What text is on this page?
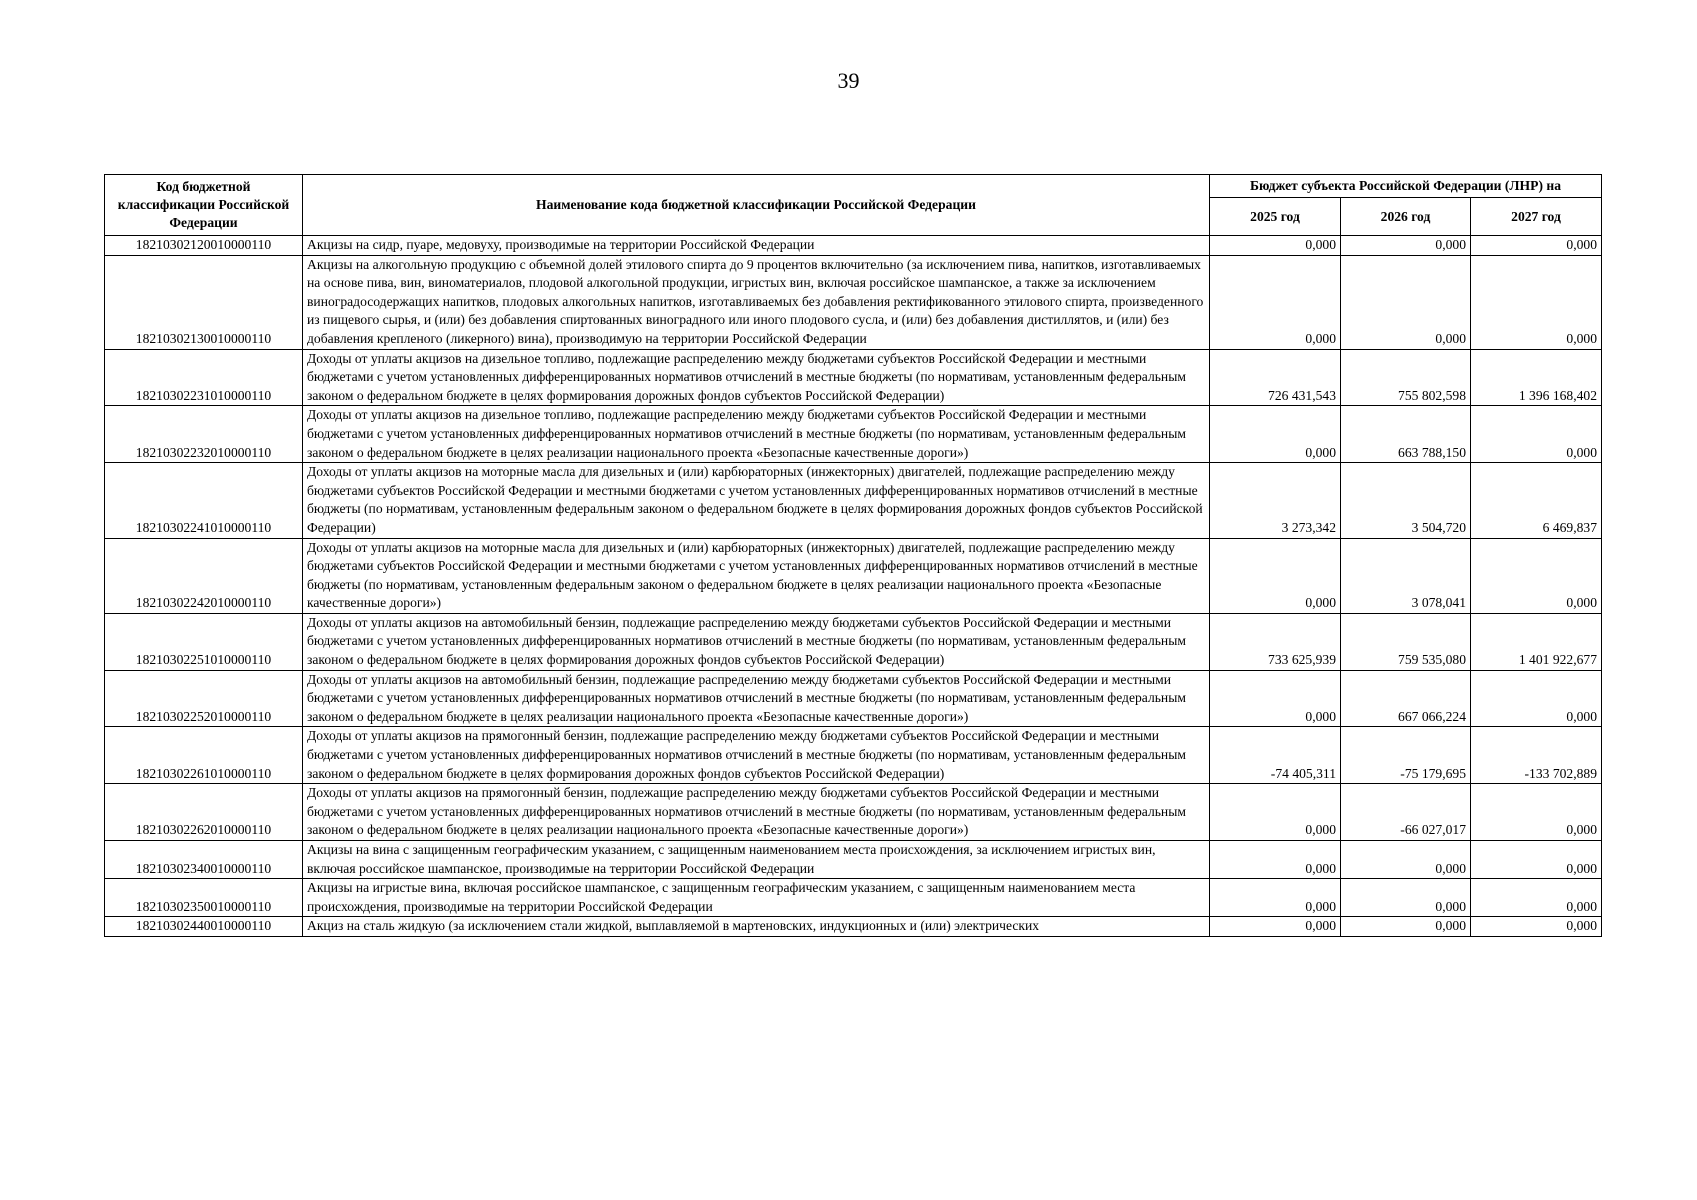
39
Код бюджетной классификации Российской Федерации	Наименование кода бюджетной классификации Российской Федерации	Бюджет субъекта Российской Федерации (ЛНР) на		
		2025 год	2026 год	2027 год
18210302120010000110	Акцизы на сидр, пуаре, медовуху, производимые на территории Российской Федерации	0,000	0,000	0,000
18210302130010000110	Акцизы на алкогольную продукцию с объемной долей этилового спирта до 9 процентов включительно (за исключением пива, напитков, изготавливаемых на основе пива, вин, виноматериалов, плодовой алкогольной продукции, игристых вин, включая российское шампанское, а также за исключением виноградосодержащих напитков, плодовых алкогольных напитков, изготавливаемых без добавления ректификованного этилового спирта, произведенного из пищевого сырья, и (или) без добавления спиртованных виноградного или иного плодового сусла, и (или) без добавления дистиллятов, и (или) без добавления крепленого (ликерного) вина), производимую на территории Российской Федерации	0,000	0,000	0,000
18210302231010000110	Доходы от уплаты акцизов на дизельное топливо, подлежащие распределению между бюджетами субъектов Российской Федерации и местными бюджетами с учетом установленных дифференцированных нормативов отчислений в местные бюджеты (по нормативам, установленным федеральным законом о федеральном бюджете в целях формирования дорожных фондов субъектов Российской Федерации)	726 431,543	755 802,598	1 396 168,402
18210302232010000110	Доходы от уплаты акцизов на дизельное топливо, подлежащие распределению между бюджетами субъектов Российской Федерации и местными бюджетами с учетом установленных дифференцированных нормативов отчислений в местные бюджеты (по нормативам, установленным федеральным законом о федеральном бюджете в целях реализации национального проекта «Безопасные качественные дороги»)	0,000	663 788,150	0,000
18210302241010000110	Доходы от уплаты акцизов на моторные масла для дизельных и (или) карбюраторных (инжекторных) двигателей, подлежащие распределению между бюджетами субъектов Российской Федерации и местными бюджетами с учетом установленных дифференцированных нормативов отчислений в местные бюджеты (по нормативам, установленным федеральным законом о федеральном бюджете в целях формирования дорожных фондов субъектов Российской Федерации)	3 273,342	3 504,720	6 469,837
18210302242010000110	Доходы от уплаты акцизов на моторные масла для дизельных и (или) карбюраторных (инжекторных) двигателей, подлежащие распределению между бюджетами субъектов Российской Федерации и местными бюджетами с учетом установленных дифференцированных нормативов отчислений в местные бюджеты (по нормативам, установленным федеральным законом о федеральном бюджете в целях реализации национального проекта «Безопасные качественные дороги»)	0,000	3 078,041	0,000
18210302251010000110	Доходы от уплаты акцизов на автомобильный бензин, подлежащие распределению между бюджетами субъектов Российской Федерации и местными бюджетами с учетом установленных дифференцированных нормативов отчислений в местные бюджеты (по нормативам, установленным федеральным законом о федеральном бюджете в целях формирования дорожных фондов субъектов Российской Федерации)	733 625,939	759 535,080	1 401 922,677
18210302252010000110	Доходы от уплаты акцизов на автомобильный бензин, подлежащие распределению между бюджетами субъектов Российской Федерации и местными бюджетами с учетом установленных дифференцированных нормативов отчислений в местные бюджеты (по нормативам, установленным федеральным законом о федеральном бюджете в целях реализации национального проекта «Безопасные качественные дороги»)	0,000	667 066,224	0,000
18210302261010000110	Доходы от уплаты акцизов на прямогонный бензин, подлежащие распределению между бюджетами субъектов Российской Федерации и местными бюджетами с учетом установленных дифференцированных нормативов отчислений в местные бюджеты (по нормативам, установленным федеральным законом о федеральном бюджете в целях формирования дорожных фондов субъектов Российской Федерации)	-74 405,311	-75 179,695	-133 702,889
18210302262010000110	Доходы от уплаты акцизов на прямогонный бензин, подлежащие распределению между бюджетами субъектов Российской Федерации и местными бюджетами с учетом установленных дифференцированных нормативов отчислений в местные бюджеты (по нормативам, установленным федеральным законом о федеральном бюджете в целях реализации национального проекта «Безопасные качественные дороги»)	0,000	-66 027,017	0,000
18210302340010000110	Акцизы на вина с защищенным географическим указанием, с защищенным наименованием места происхождения, за исключением игристых вин, включая российское шампанское, производимые на территории Российской Федерации	0,000	0,000	0,000
18210302350010000110	Акцизы на игристые вина, включая российское шампанское, с защищенным географическим указанием, с защищенным наименованием места происхождения, производимые на территории Российской Федерации	0,000	0,000	0,000
18210302440010000110	Акциз на сталь жидкую (за исключением стали жидкой, выплавляемой в мартеновских, индукционных и (или) электрических	0,000	0,000	0,000
